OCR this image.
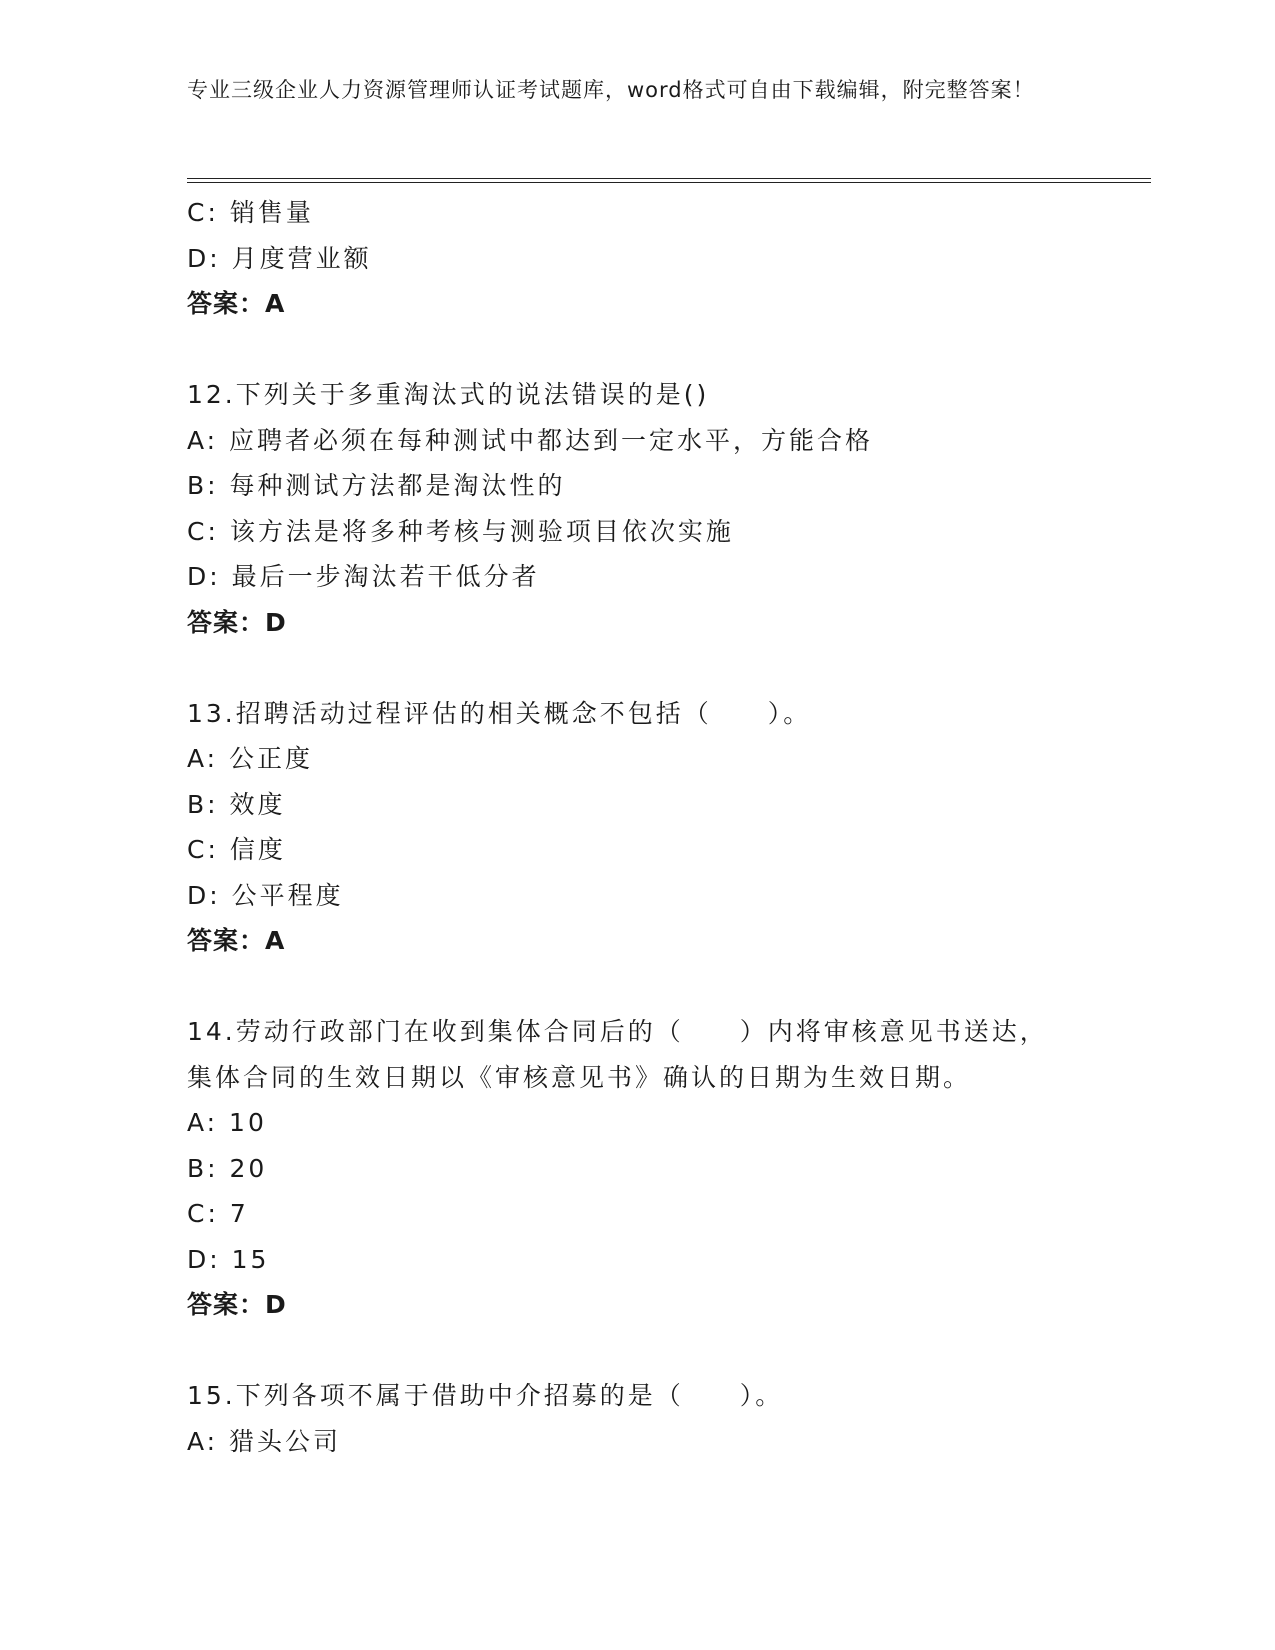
专业三级企业人力资源管理师认证考试题库，word格式可自由下载编辑，附完整答案！
C: 销售量
D: 月度营业额
答案：A
12.下列关于多重淘汰式的说法错误的是()
A: 应聘者必须在每种测试中都达到一定水平，方能合格
B: 每种测试方法都是淘汰性的
C: 该方法是将多种考核与测验项目依次实施
D: 最后一步淘汰若干低分者
答案：D
13.招聘活动过程评估的相关概念不包括（　　）。
A: 公正度
B: 效度
C: 信度
D: 公平程度
答案：A
14.劳动行政部门在收到集体合同后的（　　）内将审核意见书送达，
集体合同的生效日期以《审核意见书》确认的日期为生效日期。
A: 10
B: 20
C: 7
D: 15
答案：D
15.下列各项不属于借助中介招募的是（　　）。
A: 猎头公司
